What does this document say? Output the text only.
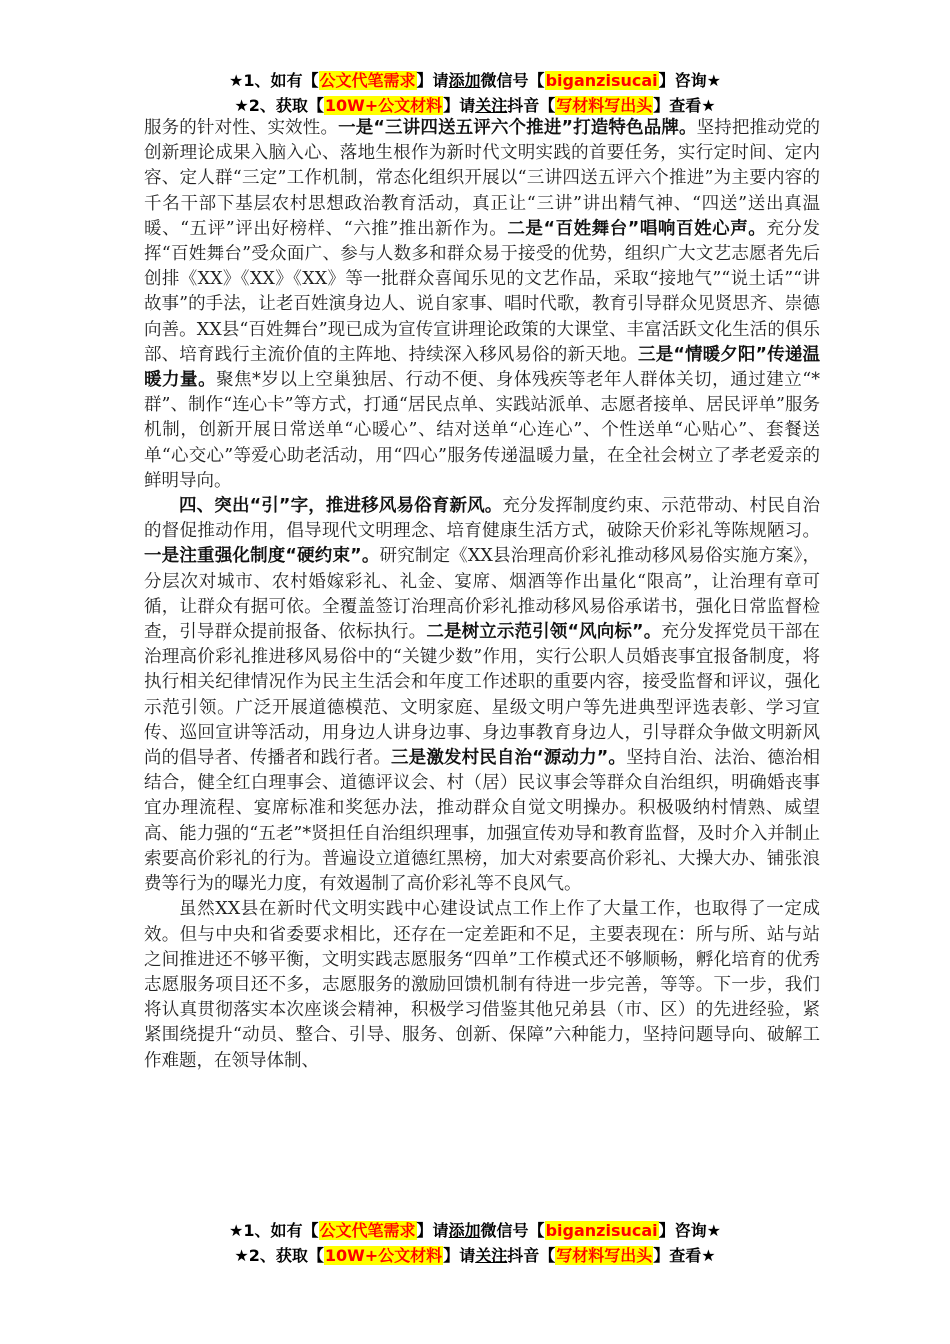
★1、如有【公文代笔需求】请添加微信号【biganzisucai】咨询★
★2、获取【10W+公文材料】请关注抖音【写材料写出头】查看★

服务的针对性、实效性。一是“三讲四送五评六个推进”打造特色品牌。坚持把推动党的创新理论成果入脑入心、落地生根作为新时代文明实践的首要任务，实行定时间、定内容、定人群“三定”工作机制，常态化组织开展以“三讲四送五评六个推进”为主要内容的千名干部下基层农村思想政治教育活动，真正让“三讲”讲出精气神、“四送”送出真温暖、“五评”评出好榜样、“六推”推出新作为。二是“百姓舞台”唱响百姓心声。充分发挥“百姓舞台”受众面广、参与人数多和群众易于接受的优势，组织广大文艺志愿者先后创排《XX》《XX》《XX》等一批群众喜闻乐见的文艺作品，采取“接地气”“说土话”“讲故事”的手法，让老百姓演身边人、说自家事、唱时代歌，教育引导群众见贤思齐、崇德向善。XX县“百姓舞台”现已成为宣传宣讲理论政策的大课堂、丰富活跃文化生活的俱乐部、培育践行主流价值的主阵地、持续深入移风易俗的新天地。三是“情暖夕阳”传递温暖力量。聚焦*岁以上空巢独居、行动不便、身体残疾等老年人群体关切，通过建立“*群”、制作“连心卡”等方式，打通“居民点单、实践站派单、志愿者接单、居民评单”服务机制，创新开展日常送单“心暖心”、结对送单“心连心”、个性送单“心贴心”、套餐送单“心交心”等爱心助老活动，用“四心”服务传递温暖力量，在全社会树立了孝老爱亲的鲜明导向。

四、突出“引”字，推进移风易俗育新风。充分发挥制度约束、示范带动、村民自治的督促推动作用，倡导现代文明理念、培育健康生活方式，破除天价彩礼等陈规陋习。一是注重强化制度“硬约束”。研究制定《XX县治理高价彩礼推动移风易俗实施方案》，分层次对城市、农村婚嫁彩礼、礼金、宴席、烟酒等作出量化“限高”，让治理有章可循，让群众有据可依。全覆盖签订治理高价彩礼推动移风易俗承诺书，强化日常监督检查，引导群众提前报备、依标执行。二是树立示范引领“风向标”。充分发挥党员干部在治理高价彩礼推进移风易俗中的“关键少数”作用，实行公职人员婚丧事宜报备制度，将执行相关纪律情况作为民主生活会和年度工作述职的重要内容，接受监督和评议，强化示范引领。广泛开展道德模范、文明家庭、星级文明户等先进典型评选表彰、学习宣传、巡回宣讲等活动，用身边人讲身边事、身边事教育身边人，引导群众争做文明新风尚的倡导者、传播者和践行者。三是激发村民自治“源动力”。坚持自治、法治、德治相结合，健全红白理事会、道德评议会、村（居）民议事会等群众自治组织，明确婚丧事宜办理流程、宴席标准和奖惩办法，推动群众自觉文明操办。积极吸纳村情熟、威望高、能力强的“五老”*贤担任自治组织理事，加强宣传劝导和教育监督，及时介入并制止索要高价彩礼的行为。普遍设立道德红黑榜，加大对索要高价彩礼、大操大办、铺张浪费等行为的曝光力度，有效遏制了高价彩礼等不良风气。

虽然XX县在新时代文明实践中心建设试点工作上作了大量工作，也取得了一定成效。但与中央和省委要求相比，还存在一定差距和不足，主要表现在：所与所、站与站之间推进还不够平衡，文明实践志愿服务“四单”工作模式还不够顺畅，孵化培育的优秀志愿服务项目还不多，志愿服务的激励回馈机制有待进一步完善，等等。下一步，我们将认真贯彻落实本次座谈会精神，积极学习借鉴其他兄弟县（市、区）的先进经验，紧紧围绕提升“动员、整合、引导、服务、创新、保障”六种能力，坚持问题导向、破解工作难题，在领导体制、

★1、如有【公文代笔需求】请添加微信号【biganzisucai】咨询★
★2、获取【10W+公文材料】请关注抖音【写材料写出头】查看★
